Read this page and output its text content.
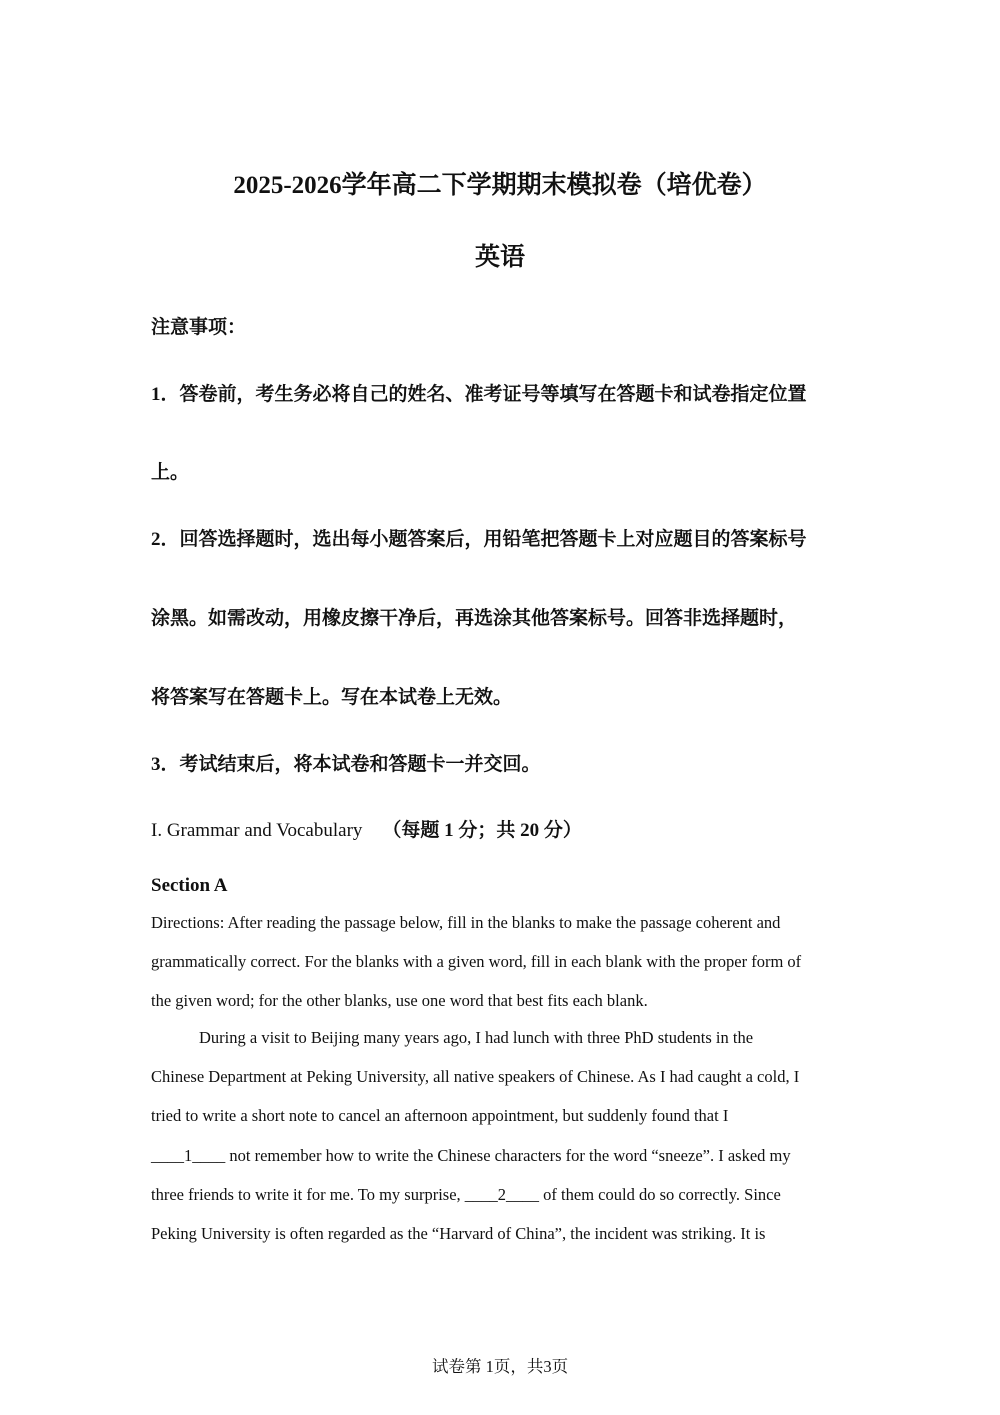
2025-2026学年高二下学期期末模拟卷（培优卷）
英语
注意事项：
1．答卷前，考生务必将自己的姓名、准考证号等填写在答题卡和试卷指定位置
上。
2．回答选择题时，选出每小题答案后，用铅笔把答题卡上对应题目的答案标号
涂黑。如需改动，用橡皮擦干净后，再选涂其他答案标号。回答非选择题时，
将答案写在答题卡上。写在本试卷上无效。
3．考试结束后，将本试卷和答题卡一并交回。
I. Grammar and Vocabulary （每题 1 分；共 20 分）
Section A
Directions: After reading the passage below, fill in the blanks to make the passage coherent and
grammatically correct. For the blanks with a given word, fill in each blank with the proper form of
the given word; for the other blanks, use one word that best fits each blank.
During a visit to Beijing many years ago, I had lunch with three PhD students in the
Chinese Department at Peking University, all native speakers of Chinese. As I had caught a cold, I
tried to write a short note to cancel an afternoon appointment, but suddenly found that I
____1____ not remember how to write the Chinese characters for the word “sneeze”. I asked my
three friends to write it for me. To my surprise, ____2____ of them could do so correctly. Since
Peking University is often regarded as the “Harvard of China”, the incident was striking. It is
试卷第 1页，共3页
